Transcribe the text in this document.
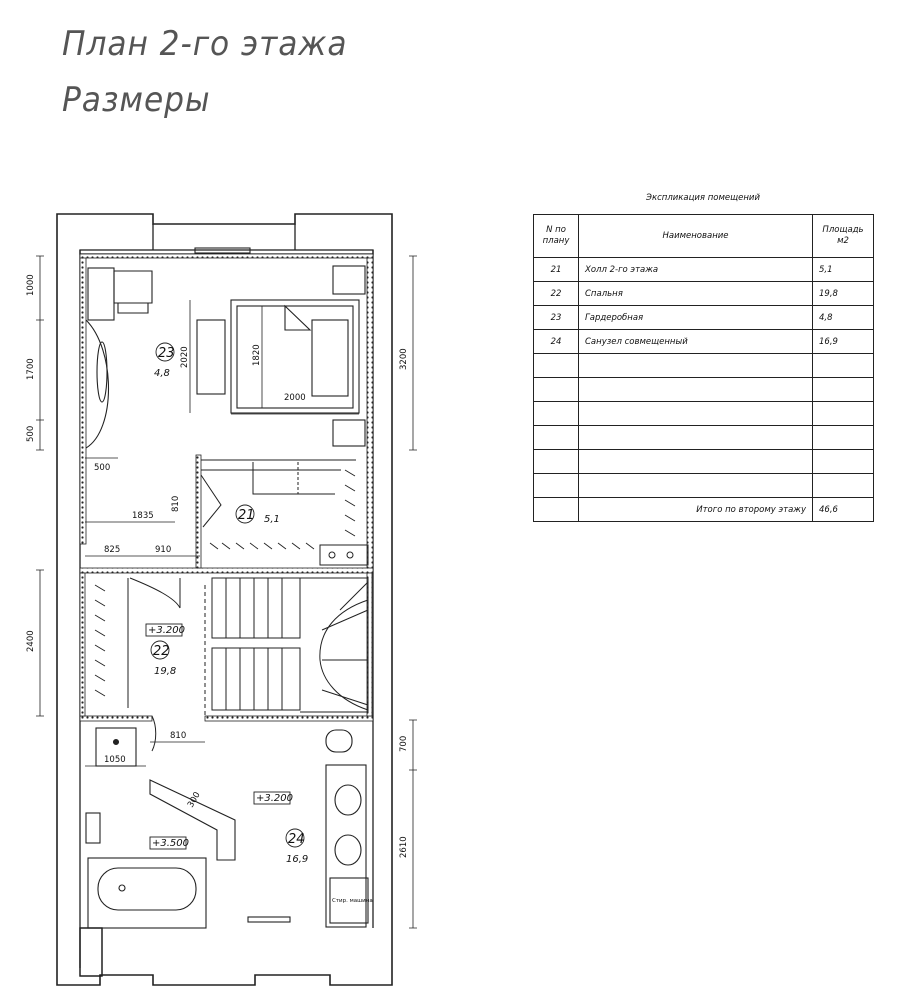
План 2-го этажа
Размеры
1000
1700
500
2400
3200
700
2610
2000
1820
2020
500
1835
810
825	910
810
1050
300
23
4,8
21 5,1
22
19,8
24
16,9
+3.200
+3.200
+3.500
Стир. машина
Экспликация помещений
N по плану	Наименование	Площадь м2
21	Холл 2-го этажа	5,1
22	Спальня	19,8
23	Гардеробная	4,8
24	Санузел совмещенный	16,9

	Итого по второму этажу	46,6
